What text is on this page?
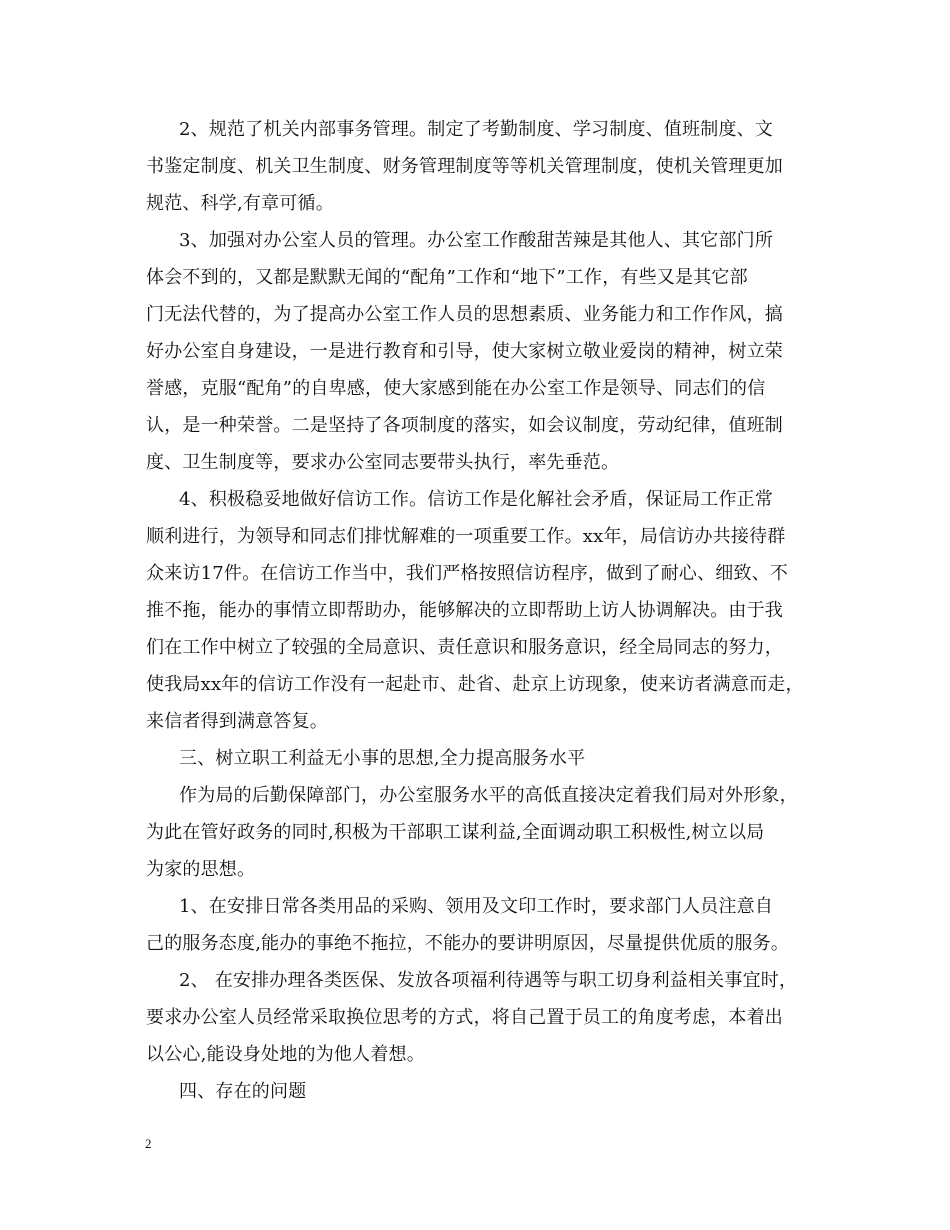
2、规范了机关内部事务管理。制定了考勤制度、学习制度、值班制度、文
书鉴定制度、机关卫生制度、财务管理制度等等机关管理制度，使机关管理更加
规范、科学,有章可循。
3、加强对办公室人员的管理。办公室工作酸甜苦辣是其他人、其它部门所
体会不到的，又都是默默无闻的“配角”工作和“地下”工作，有些又是其它部
门无法代替的，为了提高办公室工作人员的思想素质、业务能力和工作作风，搞
好办公室自身建设，一是进行教育和引导，使大家树立敬业爱岗的精神，树立荣
誉感，克服“配角”的自卑感，使大家感到能在办公室工作是领导、同志们的信
认，是一种荣誉。二是坚持了各项制度的落实，如会议制度，劳动纪律，值班制
度、卫生制度等，要求办公室同志要带头执行，率先垂范。
4、积极稳妥地做好信访工作。信访工作是化解社会矛盾，保证局工作正常
顺利进行，为领导和同志们排忧解难的一项重要工作。xx年，局信访办共接待群
众来访17件。在信访工作当中，我们严格按照信访程序，做到了耐心、细致、不
推不拖，能办的事情立即帮助办，能够解决的立即帮助上访人协调解决。由于我
们在工作中树立了较强的全局意识、责任意识和服务意识，经全局同志的努力，
使我局xx年的信访工作没有一起赴市、赴省、赴京上访现象，使来访者满意而走，
来信者得到满意答复。
三、树立职工利益无小事的思想,全力提高服务水平
作为局的后勤保障部门，办公室服务水平的高低直接决定着我们局对外形象，
为此在管好政务的同时,积极为干部职工谋利益,全面调动职工积极性,树立以局
为家的思想。
1、在安排日常各类用品的采购、领用及文印工作时，要求部门人员注意自
己的服务态度,能办的事绝不拖拉，不能办的要讲明原因，尽量提供优质的服务。
2、 在安排办理各类医保、发放各项福利待遇等与职工切身利益相关事宜时，
要求办公室人员经常采取换位思考的方式，将自己置于员工的角度考虑，本着出
以公心,能设身处地的为他人着想。
四、存在的问题
2
